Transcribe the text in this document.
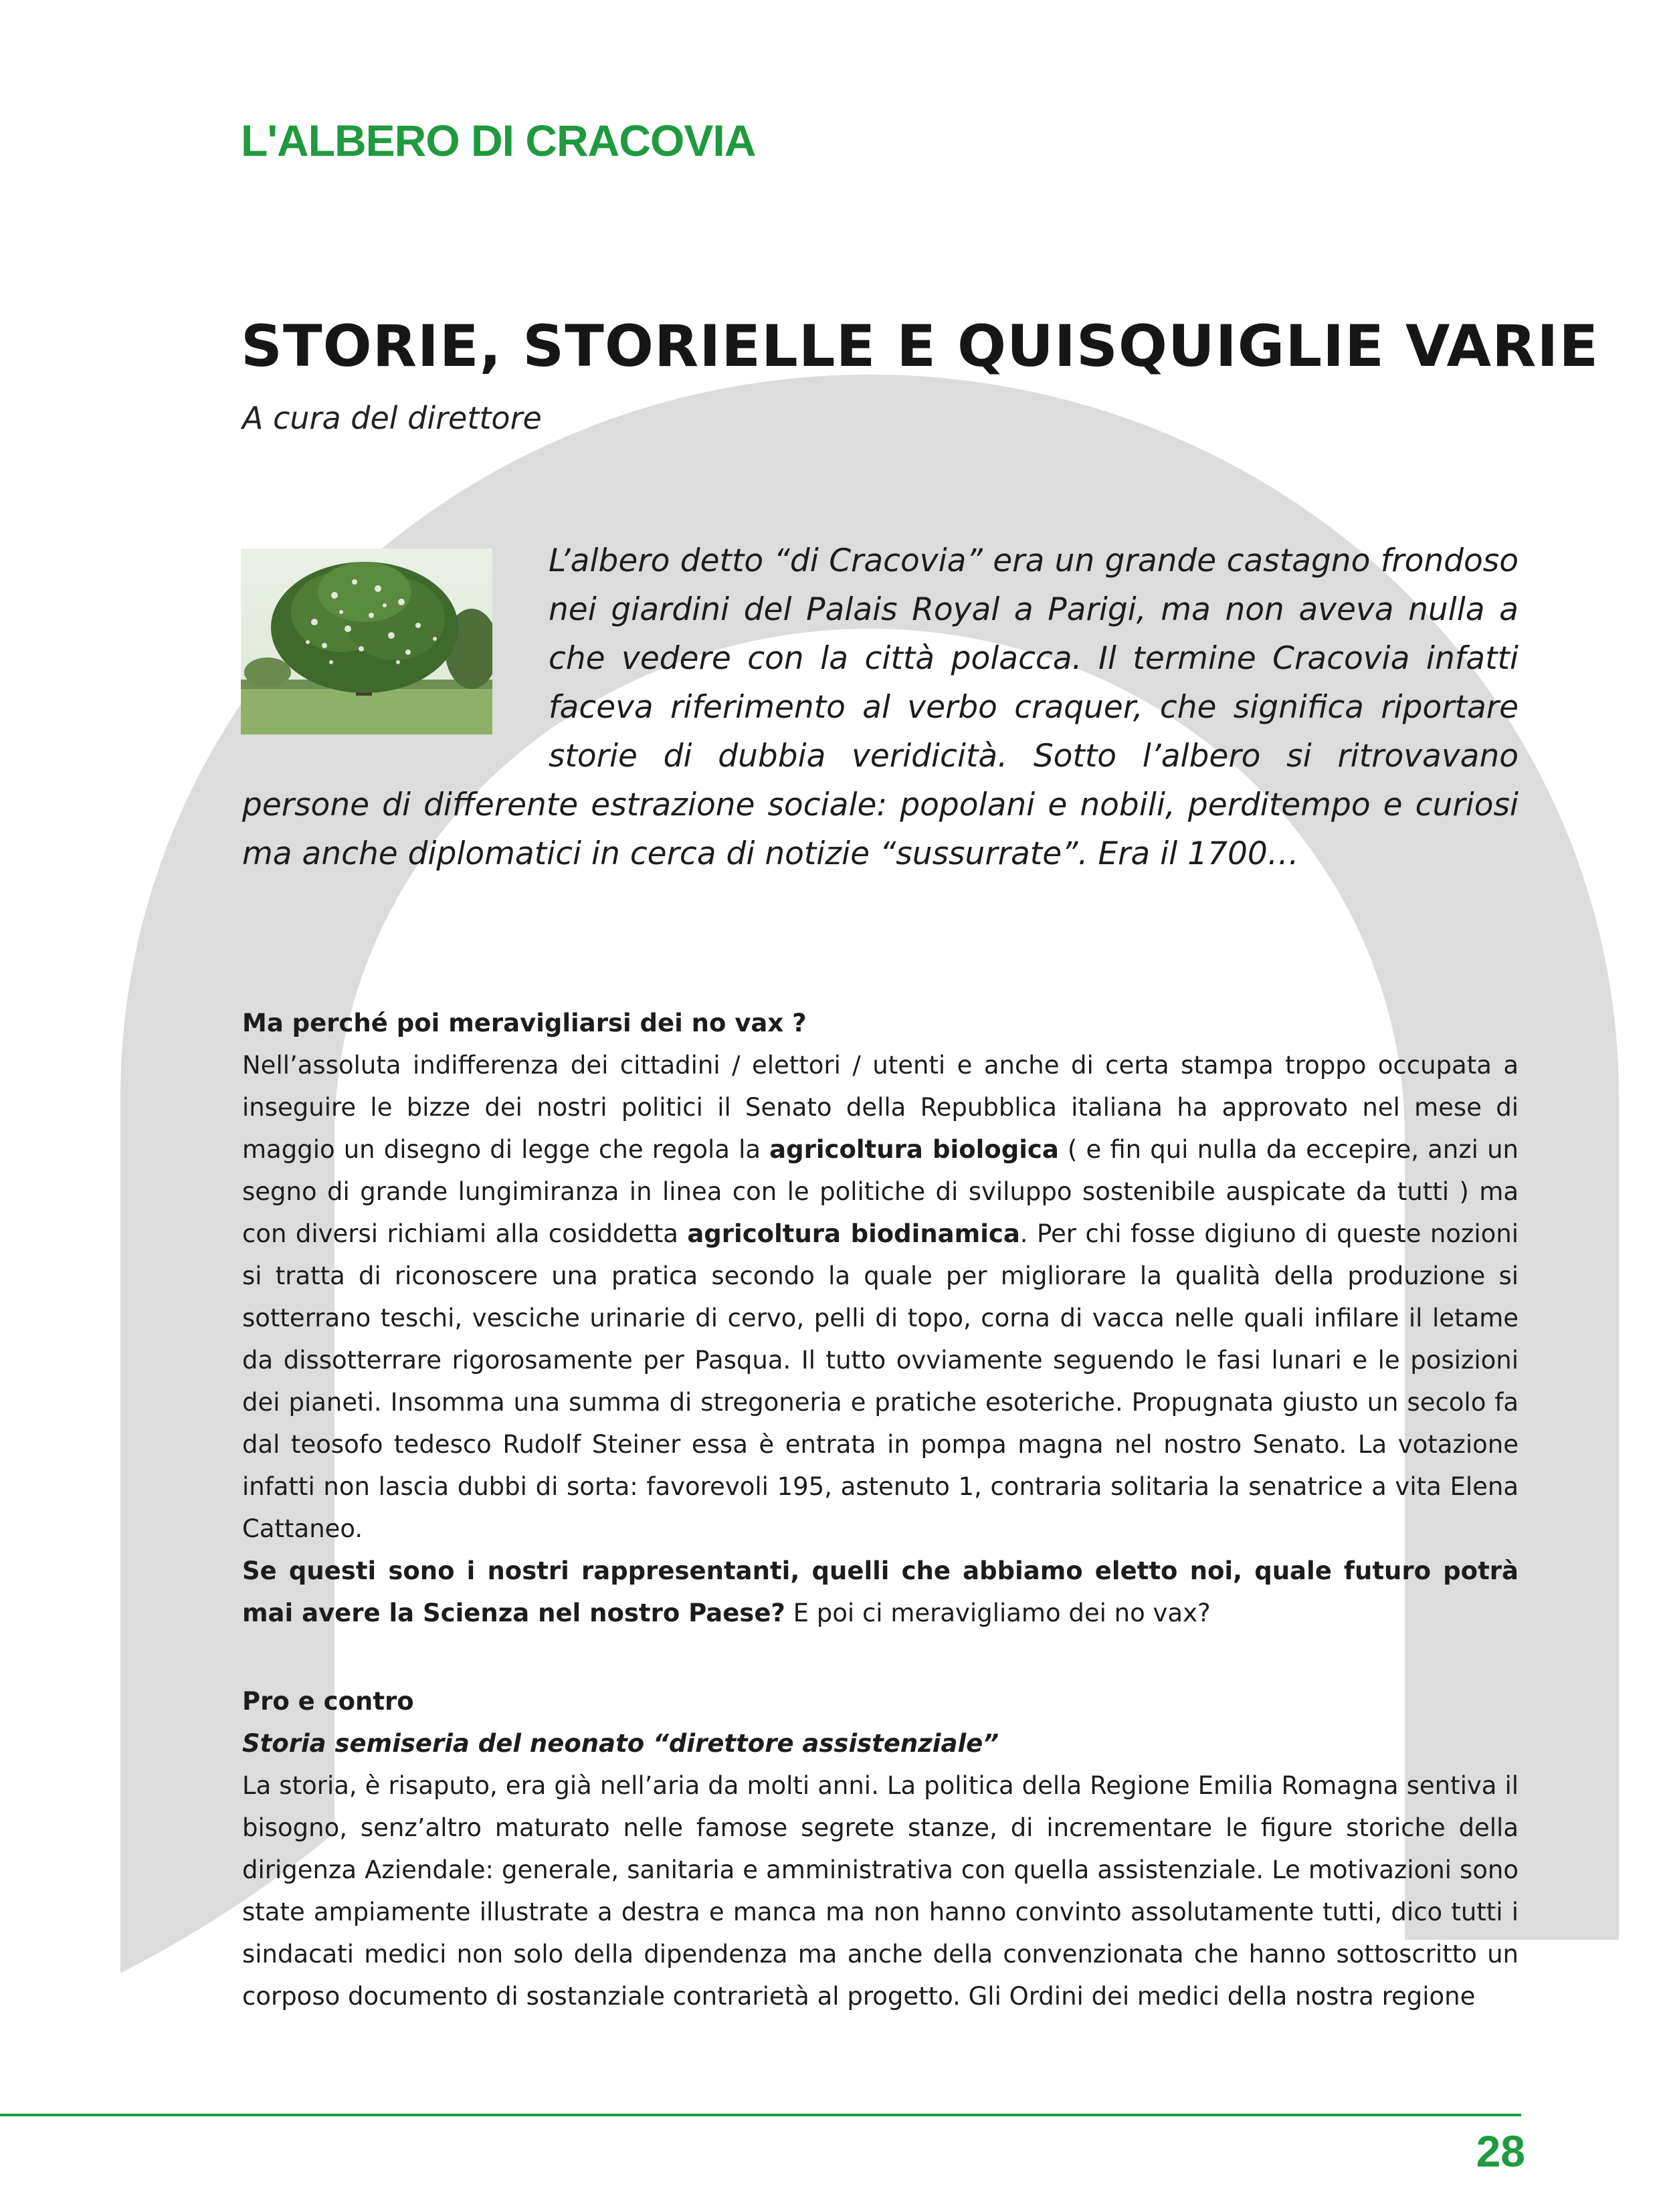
L'ALBERO DI CRACOVIA
STORIE, STORIELLE E QUISQUIGLIE VARIE
A cura del direttore

L’albero detto “di Cracovia” era un grande castagno frondoso nei giardini del Palais Royal a Parigi, ma non aveva nulla a che vedere con la città polacca. Il termine Cracovia infatti faceva riferimento al verbo craquer, che significa riportare storie di dubbia veridicità. Sotto l’albero si ritrovavano persone di differente estrazione sociale: popolani e nobili, perditempo e curiosi ma anche diplomatici in cerca di notizie “sussurrate”. Era il 1700…

Ma perché poi meravigliarsi dei no vax ?

Nell’assoluta indifferenza dei cittadini / elettori / utenti e anche di certa stampa troppo occupata a inseguire le bizze dei nostri politici il Senato della Repubblica italiana ha approvato nel mese di maggio un disegno di legge che regola la agricoltura biologica ( e fin qui nulla da eccepire, anzi un segno di grande lungimiranza in linea con le politiche di sviluppo sostenibile auspicate da tutti ) ma con diversi richiami alla cosiddetta agricoltura biodinamica. Per chi fosse digiuno di queste nozioni si tratta di riconoscere una pratica secondo la quale per migliorare la qualità della produzione si sotterrano teschi, vesciche urinarie di cervo, pelli di topo, corna di vacca nelle quali infilare il letame da dissotterrare rigorosamente per Pasqua. Il tutto ovviamente seguendo le fasi lunari e le posizioni dei pianeti. Insomma una summa di stregoneria e pratiche esoteriche. Propugnata giusto un secolo fa dal teosofo tedesco Rudolf Steiner essa è entrata in pompa magna nel nostro Senato. La votazione infatti non lascia dubbi di sorta: favorevoli 195, astenuto 1, contraria solitaria la senatrice a vita Elena Cattaneo.

Se questi sono i nostri rappresentanti, quelli che abbiamo eletto noi, quale futuro potrà mai avere la Scienza nel nostro Paese? E poi ci meravigliamo dei no vax?

Pro e contro

Storia semiseria del neonato “direttore assistenziale”

La storia, è risaputo, era già nell’aria da molti anni. La politica della Regione Emilia Romagna sentiva il bisogno, senz’altro maturato nelle famose segrete stanze, di incrementare le figure storiche della dirigenza Aziendale: generale, sanitaria e amministrativa con quella assistenziale. Le motivazioni sono state ampiamente illustrate a destra e manca ma non hanno convinto assolutamente tutti, dico tutti i sindacati medici non solo della dipendenza ma anche della convenzionata che hanno sottoscritto un corposo documento di sostanziale contrarietà al progetto. Gli Ordini dei medici della nostra regione

28
